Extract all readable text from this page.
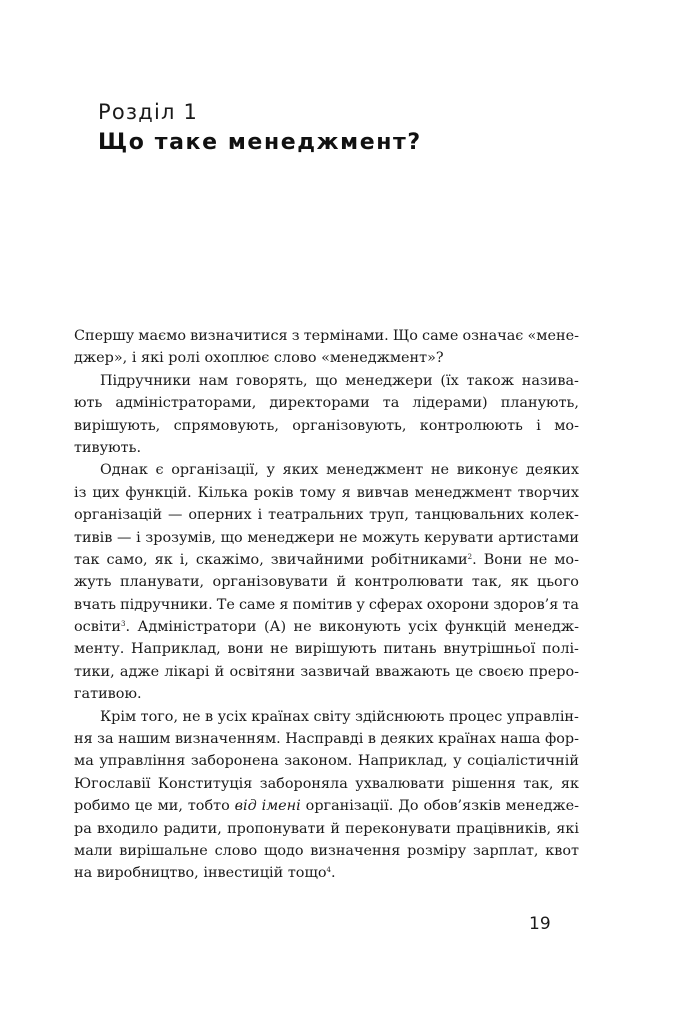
Розділ 1
Що таке менеджмент?
Спершу маємо визначитися з термінами. Що саме означає «мене-
джер», і які ролі охоплює слово «менеджмент»?
Підручники нам говорять, що менеджери (їх також назива-
ють адміністраторами, директорами та лідерами) планують,
вирішують, спрямовують, організовують, контролюють і мо-
тивують.
Однак є організації, у яких менеджмент не виконує деяких
із цих функцій. Кілька років тому я вивчав менеджмент творчих
організацій — оперних і театральних труп, танцювальних колек-
тивів — і зрозумів, що менеджери не можуть керувати артистами
так само, як і, скажімо, звичайними робітниками$^2$. Вони не мо-
жуть планувати, організовувати й контролювати так, як цього
вчать підручники. Те саме я помітив у сферах охорони здоров’я та
освіти$^3$. Адміністратори (А) не виконують усіх функцій менедж-
менту. Наприклад, вони не вирішують питань внутрішньої полі-
тики, адже лікарі й освітяни зазвичай вважають це своєю преро-
гативою.
Крім того, не в усіх країнах світу здійснюють процес управлін-
ня за нашим визначенням. Насправді в деяких країнах наша фор-
ма управління заборонена законом. Наприклад, у соціалістичній
Югославії Конституція забороняла ухвалювати рішення так, як
робимо це ми, тобто від імені організації. До обов’язків менедже-
ра входило радити, пропонувати й переконувати працівників, які
мали вирішальне слово щодо визначення розміру зарплат, квот
на виробництво, інвестицій тощо$^4$.
19
